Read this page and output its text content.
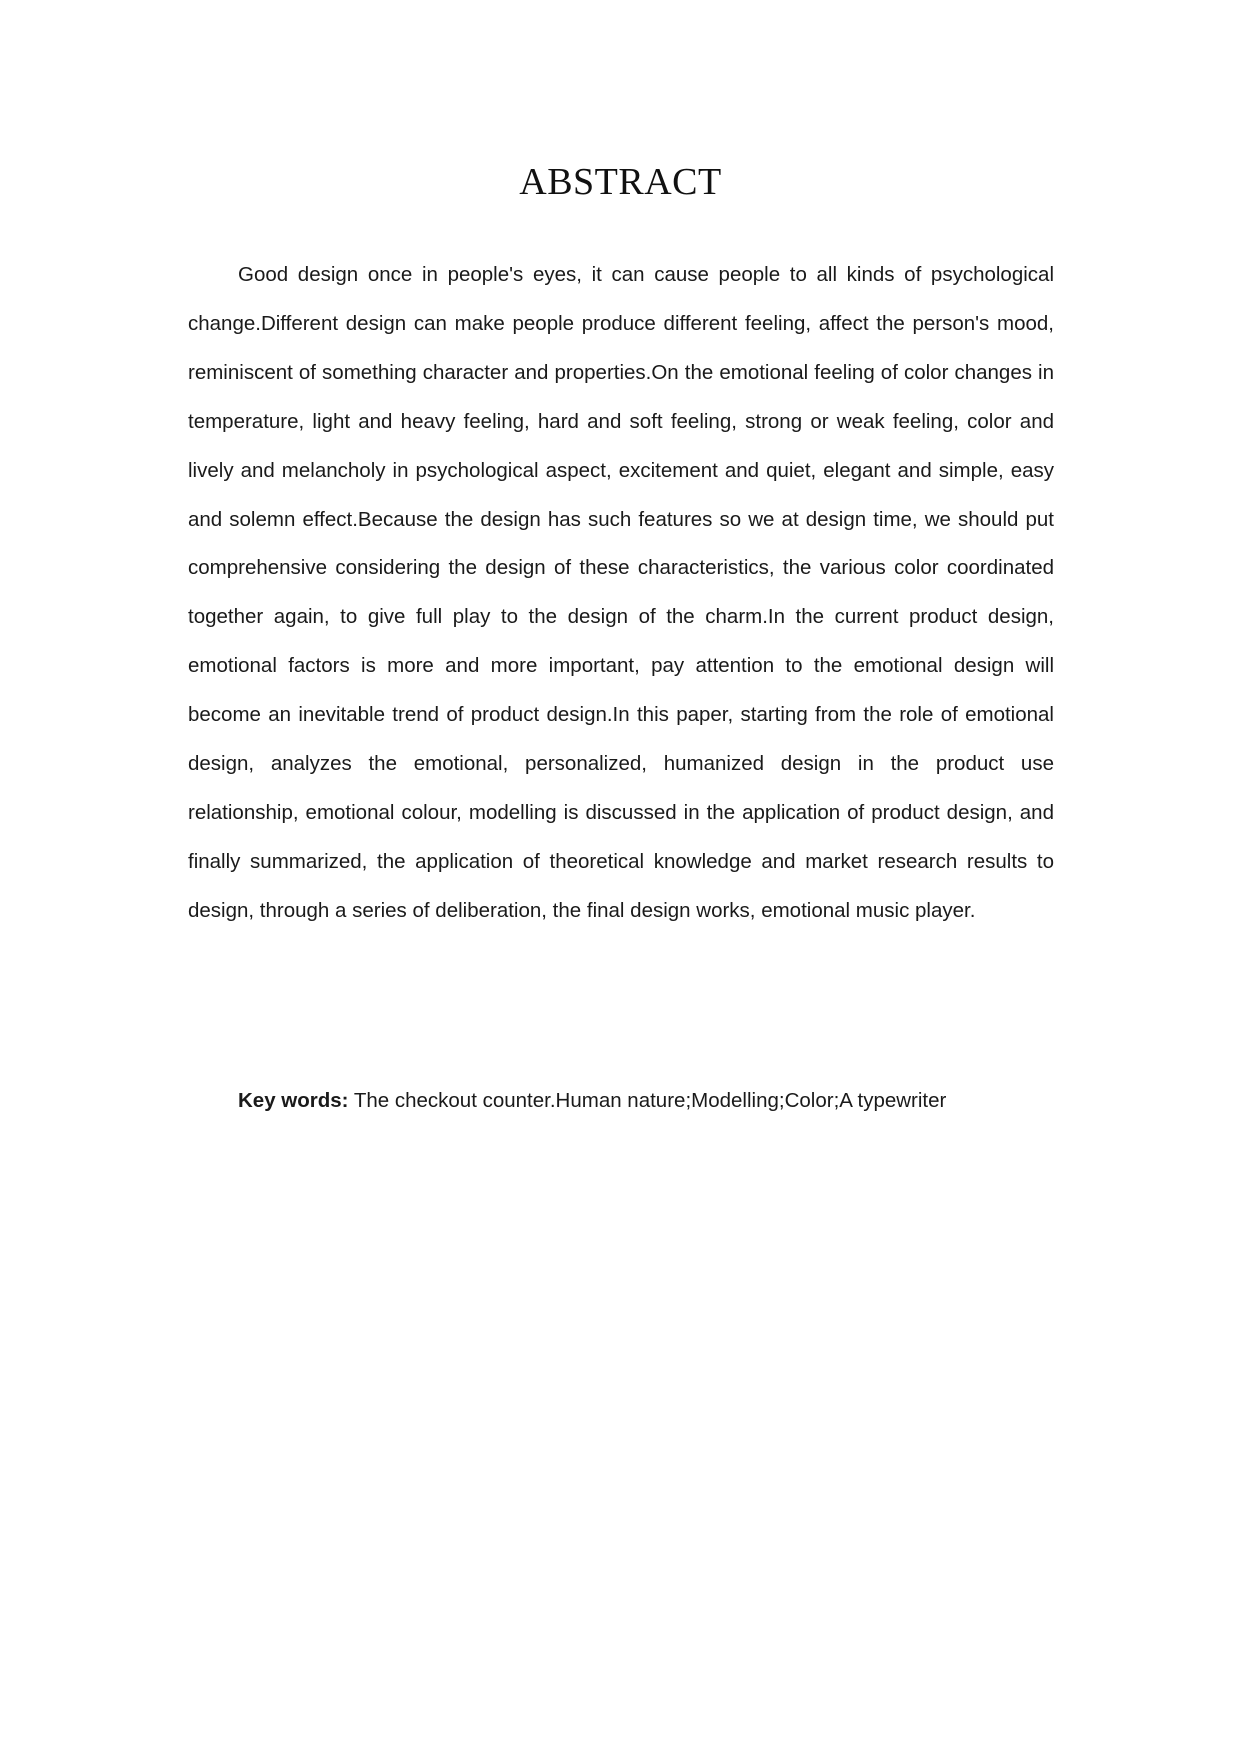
ABSTRACT

Good design once in people's eyes, it can cause people to all kinds of psychological change.Different design can make people produce different feeling, affect the person's mood, reminiscent of something character and properties.On the emotional feeling of color changes in temperature, light and heavy feeling, hard and soft feeling, strong or weak feeling, color and lively and melancholy in psychological aspect, excitement and quiet, elegant and simple, easy and solemn effect.Because the design has such features so we at design time, we should put comprehensive considering the design of these characteristics, the various color coordinated together again, to give full play to the design of the charm.In the current product design, emotional factors is more and more important, pay attention to the emotional design will become an inevitable trend of product design.In this paper, starting from the role of emotional design, analyzes the emotional, personalized, humanized design in the product use relationship, emotional colour, modelling is discussed in the application of product design, and finally summarized, the application of theoretical knowledge and market research results to design, through a series of deliberation, the final design works, emotional music player.

Key words: The checkout counter.Human nature;Modelling;Color;A typewriter
